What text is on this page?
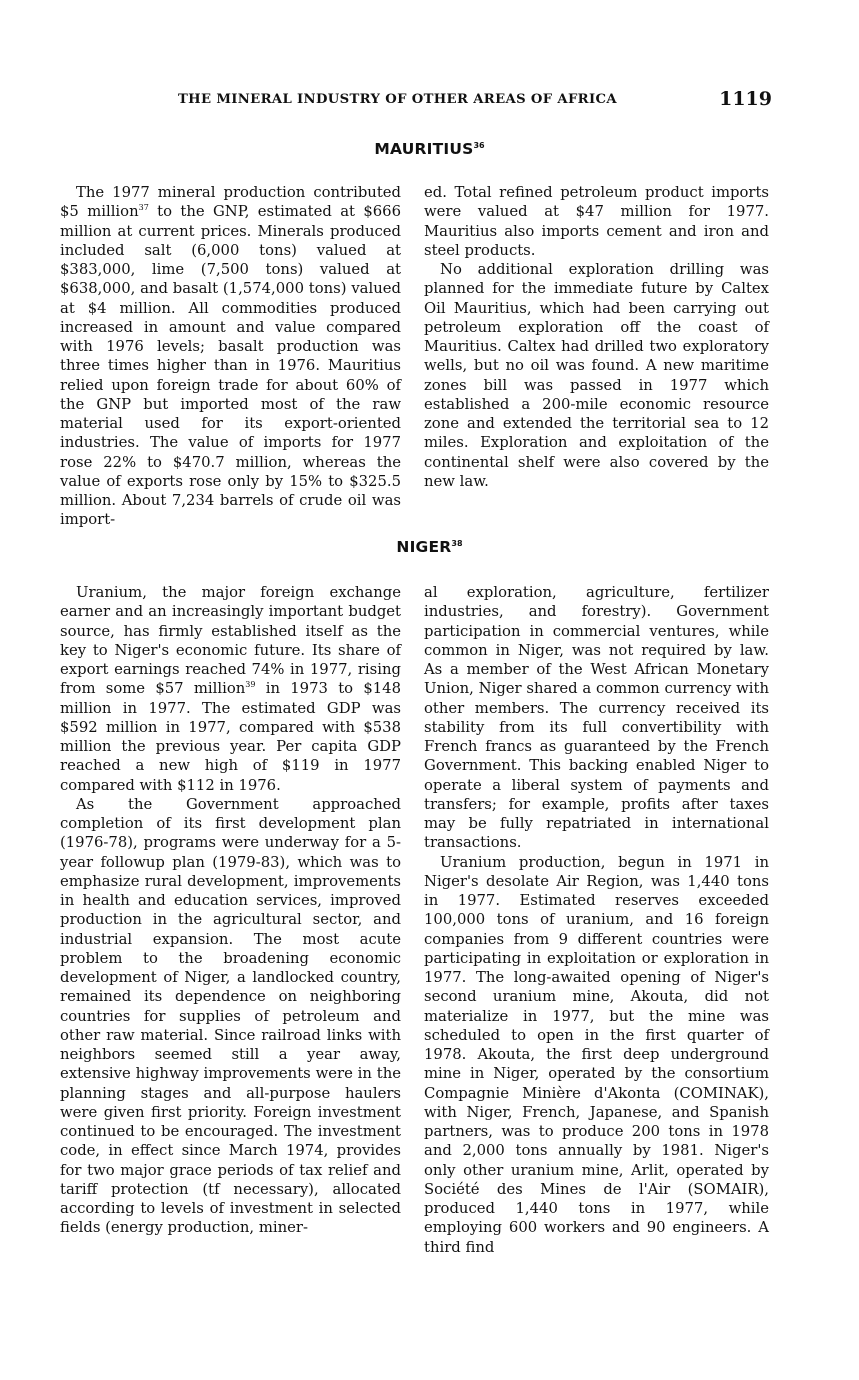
THE MINERAL INDUSTRY OF OTHER AREAS OF AFRICA	1119
MAURITIUS$^{36}$

The 1977 mineral production contributed $5 million$^{37}$ to the GNP, estimated at $666 million at current prices. Minerals produced included salt (6,000 tons) valued at $383,000, lime (7,500 tons) valued at $638,000, and basalt (1,574,000 tons) valued at $4 million. All commodities produced increased in amount and value compared with 1976 levels; basalt production was three times higher than in 1976. Mauritius relied upon foreign trade for about 60% of the GNP but imported most of the raw material used for its export-oriented industries. The value of imports for 1977 rose 22% to $470.7 million, whereas the value of exports rose only by 15% to $325.5 million. About 7,234 barrels of crude oil was import-

ed. Total refined petroleum product imports were valued at $47 million for 1977. Mauritius also imports cement and iron and steel products.

No additional exploration drilling was planned for the immediate future by Caltex Oil Mauritius, which had been carrying out petroleum exploration off the coast of Mauritius. Caltex had drilled two exploratory wells, but no oil was found. A new maritime zones bill was passed in 1977 which established a 200-mile economic resource zone and extended the territorial sea to 12 miles. Exploration and exploitation of the continental shelf were also covered by the new law.

NIGER$^{38}$

Uranium, the major foreign exchange earner and an increasingly important budget source, has firmly established itself as the key to Niger's economic future. Its share of export earnings reached 74% in 1977, rising from some $57 million$^{39}$ in 1973 to $148 million in 1977. The estimated GDP was $592 million in 1977, compared with $538 million the previous year. Per capita GDP reached a new high of $119 in 1977 compared with $112 in 1976.

As the Government approached completion of its first development plan (1976-78), programs were underway for a 5-year followup plan (1979-83), which was to emphasize rural development, improvements in health and education services, improved production in the agricultural sector, and industrial expansion. The most acute problem to the broadening economic development of Niger, a landlocked country, remained its dependence on neighboring countries for supplies of petroleum and other raw material. Since railroad links with neighbors seemed still a year away, extensive highway improvements were in the planning stages and all-purpose haulers were given first priority. Foreign investment continued to be encouraged. The investment code, in effect since March 1974, provides for two major grace periods of tax relief and tariff protection (tf necessary), allocated according to levels of investment in selected fields (energy production, miner-

al exploration, agriculture, fertilizer industries, and forestry). Government participation in commercial ventures, while common in Niger, was not required by law. As a member of the West African Monetary Union, Niger shared a common currency with other members. The currency received its stability from its full convertibility with French francs as guaranteed by the French Government. This backing enabled Niger to operate a liberal system of payments and transfers; for example, profits after taxes may be fully repatriated in international transactions.

Uranium production, begun in 1971 in Niger's desolate Air Region, was 1,440 tons in 1977. Estimated reserves exceeded 100,000 tons of uranium, and 16 foreign companies from 9 different countries were participating in exploitation or exploration in 1977. The long-awaited opening of Niger's second uranium mine, Akouta, did not materialize in 1977, but the mine was scheduled to open in the first quarter of 1978. Akouta, the first deep underground mine in Niger, operated by the consortium Compagnie Minière d'Akonta (COMINAK), with Niger, French, Japanese, and Spanish partners, was to produce 200 tons in 1978 and 2,000 tons annually by 1981. Niger's only other uranium mine, Arlit, operated by Société des Mines de l'Air (SOMAIR), produced 1,440 tons in 1977, while employing 600 workers and 90 engineers. A third find
